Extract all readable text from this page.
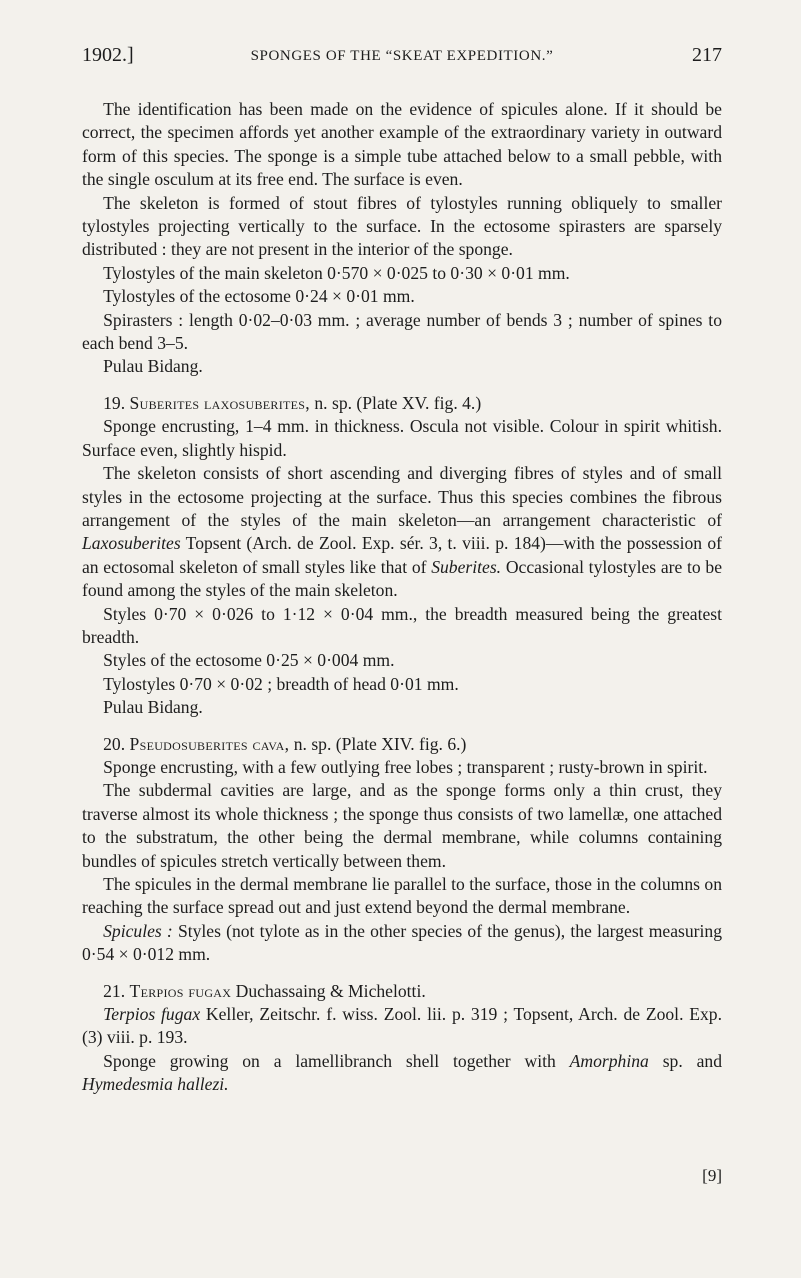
1902.]	SPONGES OF THE “SKEAT EXPEDITION.”	217

The identification has been made on the evidence of spicules alone. If it should be correct, the specimen affords yet another example of the extraordinary variety in outward form of this species. The sponge is a simple tube attached below to a small pebble, with the single osculum at its free end. The surface is even.

The skeleton is formed of stout fibres of tylostyles running obliquely to smaller tylostyles projecting vertically to the surface. In the ectosome spirasters are sparsely distributed : they are not present in the interior of the sponge.

Tylostyles of the main skeleton 0·570 × 0·025 to 0·30 × 0·01 mm.

Tylostyles of the ectosome 0·24 × 0·01 mm.

Spirasters : length 0·02–0·03 mm. ; average number of bends 3 ; number of spines to each bend 3–5.

Pulau Bidang.

19. Suberites laxosuberites, n. sp. (Plate XV. fig. 4.)

Sponge encrusting, 1–4 mm. in thickness. Oscula not visible. Colour in spirit whitish. Surface even, slightly hispid.

The skeleton consists of short ascending and diverging fibres of styles and of small styles in the ectosome projecting at the surface. Thus this species combines the fibrous arrangement of the styles of the main skeleton—an arrangement characteristic of Laxosuberites Topsent (Arch. de Zool. Exp. sér. 3, t. viii. p. 184)—with the possession of an ectosomal skeleton of small styles like that of Suberites. Occasional tylostyles are to be found among the styles of the main skeleton.

Styles 0·70 × 0·026 to 1·12 × 0·04 mm., the breadth measured being the greatest breadth.

Styles of the ectosome 0·25 × 0·004 mm.

Tylostyles 0·70 × 0·02 ; breadth of head 0·01 mm.

Pulau Bidang.

20. Pseudosuberites cava, n. sp. (Plate XIV. fig. 6.)

Sponge encrusting, with a few outlying free lobes ; transparent ; rusty-brown in spirit.

The subdermal cavities are large, and as the sponge forms only a thin crust, they traverse almost its whole thickness ; the sponge thus consists of two lamellæ, one attached to the substratum, the other being the dermal membrane, while columns containing bundles of spicules stretch vertically between them.

The spicules in the dermal membrane lie parallel to the surface, those in the columns on reaching the surface spread out and just extend beyond the dermal membrane.

Spicules : Styles (not tylote as in the other species of the genus), the largest measuring 0·54 × 0·012 mm.

21. Terpios fugax Duchassaing & Michelotti.

Terpios fugax Keller, Zeitschr. f. wiss. Zool. lii. p. 319 ; Topsent, Arch. de Zool. Exp. (3) viii. p. 193.

Sponge growing on a lamellibranch shell together with Amorphina sp. and Hymedesmia hallezi.

[9]
